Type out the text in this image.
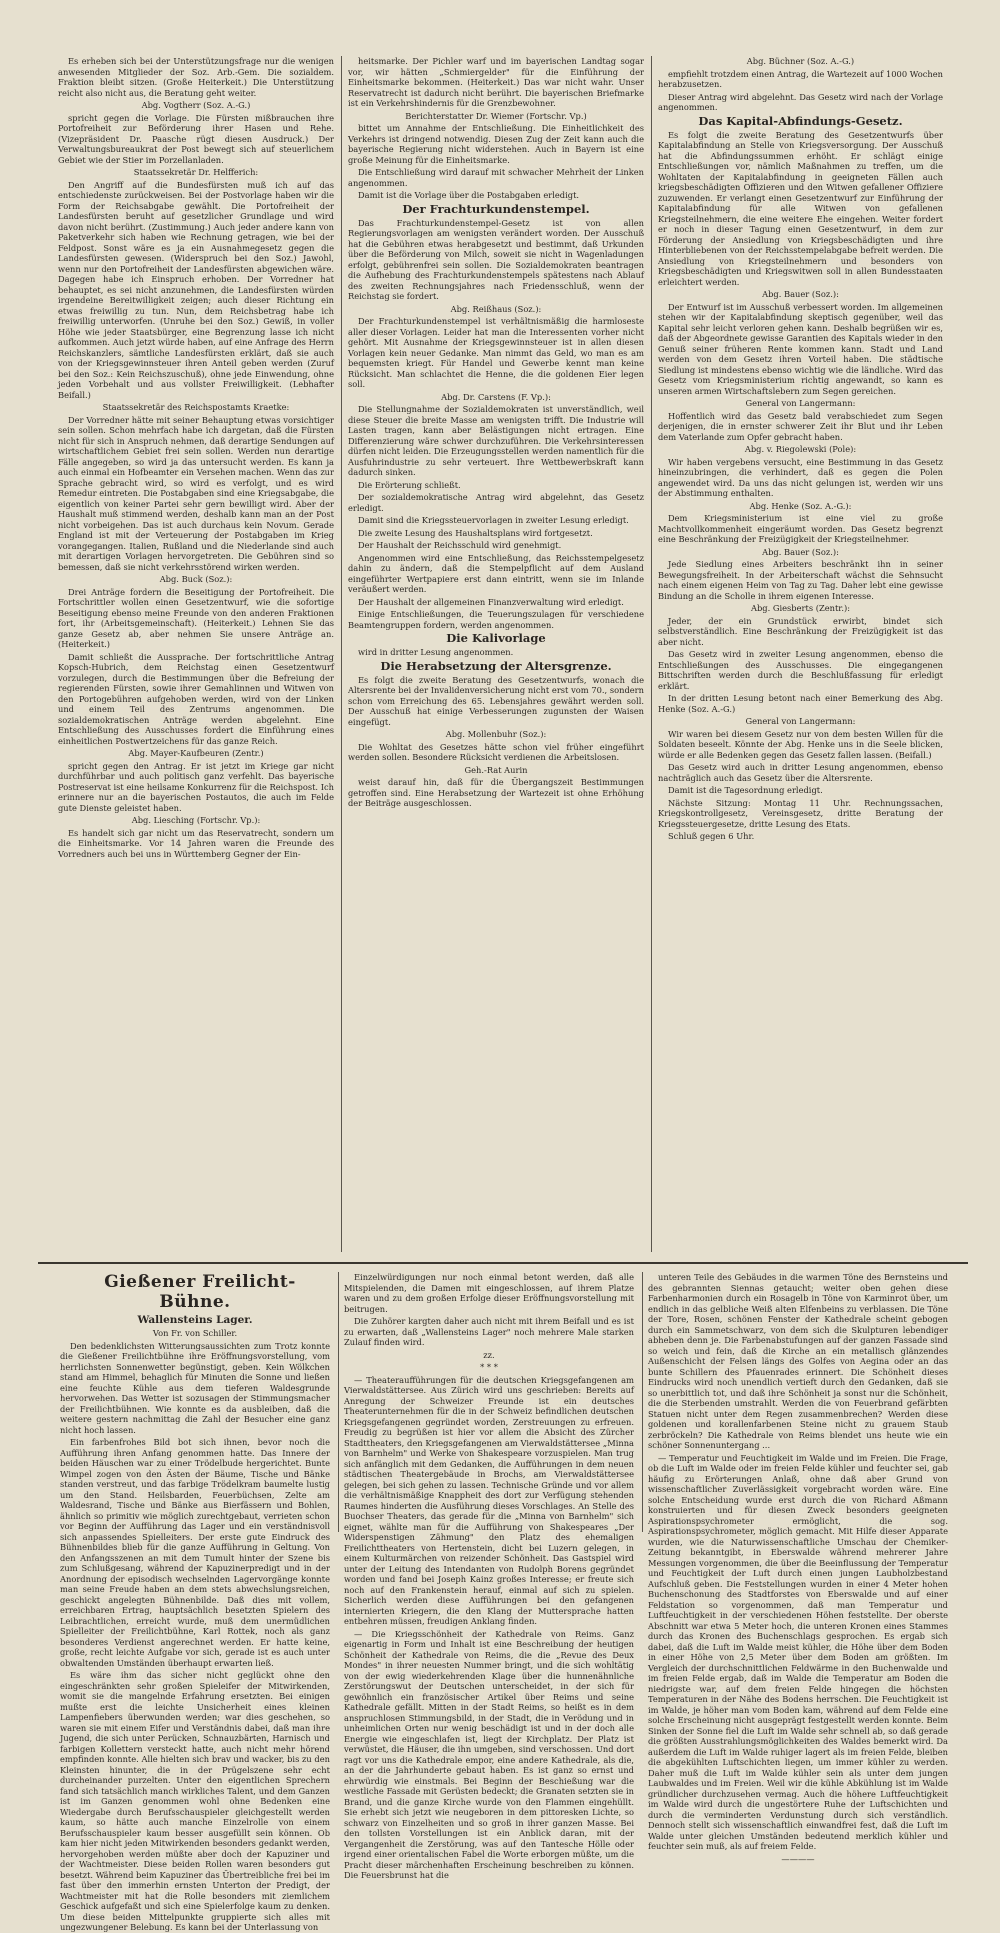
Es erheben sich bei der Unterstützungsfrage nur die wenigen anwesenden Mitglieder der Soz. Arb.-Gem. Die sozialdem. Fraktion bleibt sitzen. (Große Heiterkeit.) Die Unterstützung reicht also nicht aus, die Beratung geht weiter.

Abg. Vogtherr (Soz. A.-G.)

spricht gegen die Vorlage. Die Fürsten mißbrauchen ihre Portofreiheit zur Beförderung ihrer Hasen und Rehe. (Vizepräsident Dr. Paasche rügt diesen Ausdruck.) Der Verwaltungsbureaukrat der Post bewegt sich auf steuerlichem Gebiet wie der Stier im Porzellanladen.

Staatssekretär Dr. Helfferich:

Den Angriff auf die Bundesfürsten muß ich auf das entschiedenste zurückweisen. Bei der Postvorlage haben wir die Form der Reichsabgabe gewählt. Die Portofreiheit der Landesfürsten beruht auf gesetzlicher Grundlage und wird davon nicht berührt. (Zustimmung.) Auch jeder andere kann von Paketverkehr sich haben wie Rechnung getragen, wie bei der Feldpost. Sonst wäre es ja ein Ausnahmegesetz gegen die Landesfürsten gewesen. (Widerspruch bei den Soz.) Jawohl, wenn nur den Portofreiheit der Landesfürsten abgewichen wäre. Dagegen habe ich Einspruch erhoben. Der Vorredner hat behauptet, es sei nicht anzunehmen, die Landesfürsten würden irgendeine Bereitwilligkeit zeigen; auch dieser Richtung ein etwas freiwillig zu tun. Nun, dem Reichsbetrag habe ich freiwillig unterworfen. (Unruhe bei den Soz.) Gewiß, in voller Höhe wie jeder Staatsbürger, eine Begrenzung lasse ich nicht aufkommen. Auch jetzt würde haben, auf eine Anfrage des Herrn Reichskanzlers, sämtliche Landesfürsten erklärt, daß sie auch von der Kriegsgewinnsteuer ihren Anteil geben werden (Zuruf bei den Soz.: Kein Reichszuschuß), ohne jede Einwendung, ohne jeden Vorbehalt und aus vollster Freiwilligkeit. (Lebhafter Beifall.)

Staatssekretär des Reichspostamts Kraetke:

Der Vorredner hätte mit seiner Behauptung etwas vorsichtiger sein sollen. Schon mehrfach habe ich dargetan, daß die Fürsten nicht für sich in Anspruch nehmen, daß derartige Sendungen auf wirtschaftlichem Gebiet frei sein sollen. Werden nun derartige Fälle angegeben, so wird ja das untersucht werden. Es kann ja auch einmal ein Hofbeamter ein Versehen machen. Wenn das zur Sprache gebracht wird, so wird es verfolgt, und es wird Remedur eintreten. Die Postabgaben sind eine Kriegsabgabe, die eigentlich von keiner Partei sehr gern bewilligt wird. Aber der Haushalt muß stimmend werden, deshalb kann man an der Post nicht vorbeigehen. Das ist auch durchaus kein Novum. Gerade England ist mit der Verteuerung der Postabgaben im Krieg vorangegangen. Italien, Rußland und die Niederlande sind auch mit derartigen Vorlagen hervorgetreten. Die Gebühren sind so bemessen, daß sie nicht verkehrsstörend wirken werden.

Abg. Buck (Soz.):

Drei Anträge fordern die Beseitigung der Portofreiheit. Die Fortschrittler wollen einen Gesetzentwurf, wie die sofortige Beseitigung ebenso meine Freunde von den anderen Fraktionen fort, ihr (Arbeitsgemeinschaft). (Heiterkeit.) Lehnen Sie das ganze Gesetz ab, aber nehmen Sie unsere Anträge an. (Heiterkeit.)

Damit schließt die Aussprache. Der fortschrittliche Antrag Kopsch-Hubrich, dem Reichstag einen Gesetzentwurf vorzulegen, durch die Bestimmungen über die Befreiung der regierenden Fürsten, sowie ihrer Gemahlinnen und Witwen von den Portogebühren aufgehoben werden, wird von der Linken und einem Teil des Zentrums angenommen. Die sozialdemokratischen Anträge werden abgelehnt. Eine Entschließung des Ausschusses fordert die Einführung eines einheitlichen Postwertzeichens für das ganze Reich.

Abg. Mayer-Kaufbeuren (Zentr.)

spricht gegen den Antrag. Er ist jetzt im Kriege gar nicht durchführbar und auch politisch ganz verfehlt. Das bayerische Postreservat ist eine heilsame Konkurrenz für die Reichspost. Ich erinnere nur an die bayerischen Postautos, die auch im Felde gute Dienste geleistet haben.

Abg. Liesching (Fortschr. Vp.):

Es handelt sich gar nicht um das Reservatrecht, sondern um die Einheitsmarke. Vor 14 Jahren waren die Freunde des Vorredners auch bei uns in Württemberg Gegner der Ein-

heitsmarke. Der Pichler warf und im bayerischen Landtag sogar vor, wir hätten „Schmiergelder" für die Einführung der Einheitsmarke bekommen. (Heiterkeit.) Das war nicht wahr. Unser Reservatrecht ist dadurch nicht berührt. Die bayerischen Briefmarke ist ein Verkehrshindernis für die Grenzbewohner.

Berichterstatter Dr. Wiemer (Fortschr. Vp.)

bittet um Annahme der Entschließung. Die Einheitlichkeit des Verkehrs ist dringend notwendig. Diesen Zug der Zeit kann auch die bayerische Regierung nicht widerstehen. Auch in Bayern ist eine große Meinung für die Einheitsmarke.

Die Entschließung wird darauf mit schwacher Mehrheit der Linken angenommen.

Damit ist die Vorlage über die Postabgaben erledigt.

Der Frachturkundenstempel.

Das Frachturkundenstempel-Gesetz ist von allen Regierungsvorlagen am wenigsten verändert worden. Der Ausschuß hat die Gebühren etwas herabgesetzt und bestimmt, daß Urkunden über die Beförderung von Milch, soweit sie nicht in Wagenladungen erfolgt, gebührenfrei sein sollen. Die Sozialdemokraten beantragen die Aufhebung des Frachturkundenstempels spätestens nach Ablauf des zweiten Rechnungsjahres nach Friedensschluß, wenn der Reichstag sie fordert.

Abg. Reißhaus (Soz.):

Der Frachturkundenstempel ist verhältnismäßig die harmloseste aller dieser Vorlagen. Leider hat man die Interessenten vorher nicht gehört. Mit Ausnahme der Kriegsgewinnsteuer ist in allen diesen Vorlagen kein neuer Gedanke. Man nimmt das Geld, wo man es am bequemsten kriegt. Für Handel und Gewerbe kennt man keine Rücksicht. Man schlachtet die Henne, die die goldenen Eier legen soll.

Abg. Dr. Carstens (F. Vp.):

Die Stellungnahme der Sozialdemokraten ist unverständlich, weil diese Steuer die breite Masse am wenigsten trifft. Die Industrie will Lasten tragen, kann aber Belästigungen nicht ertragen. Eine Differenzierung wäre schwer durchzuführen. Die Verkehrsinteressen dürfen nicht leiden. Die Erzeugungsstellen werden namentlich für die Ausfuhrindustrie zu sehr verteuert. Ihre Wettbewerbskraft kann dadurch sinken.

Die Erörterung schließt.

Der sozialdemokratische Antrag wird abgelehnt, das Gesetz erledigt.

Damit sind die Kriegssteuervorlagen in zweiter Lesung erledigt.

Die zweite Lesung des Haushaltsplans wird fortgesetzt.

Der Haushalt der Reichsschuld wird genehmigt.

Angenommen wird eine Entschließung, das Reichsstempelgesetz dahin zu ändern, daß die Stempelpflicht auf dem Ausland eingeführter Wertpapiere erst dann eintritt, wenn sie im Inlande veräußert werden.

Der Haushalt der allgemeinen Finanzverwaltung wird erledigt.

Einige Entschließungen, die Teuerungszulagen für verschiedene Beamtengruppen fordern, werden angenommen.

Die Kalivorlage

wird in dritter Lesung angenommen.

Die Herabsetzung der Altersgrenze.

Es folgt die zweite Beratung des Gesetzentwurfs, wonach die Altersrente bei der Invalidenversicherung nicht erst vom 70., sondern schon vom Erreichung des 65. Lebensjahres gewährt werden soll. Der Ausschuß hat einige Verbesserungen zugunsten der Waisen eingefügt.

Abg. Mollenbuhr (Soz.):

Die Wohltat des Gesetzes hätte schon viel früher eingeführt werden sollen. Besondere Rücksicht verdienen die Arbeitslosen.

Geh.-Rat Aurin

weist darauf hin, daß für die Übergangszeit Bestimmungen getroffen sind. Eine Herabsetzung der Wartezeit ist ohne Erhöhung der Beiträge ausgeschlossen.

Abg. Büchner (Soz. A.-G.)

empfiehlt trotzdem einen Antrag, die Wartezeit auf 1000 Wochen herabzusetzen.

Dieser Antrag wird abgelehnt. Das Gesetz wird nach der Vorlage angenommen.

Das Kapital-Abfindungs-Gesetz.

Es folgt die zweite Beratung des Gesetzentwurfs über Kapitalabfindung an Stelle von Kriegsversorgung. Der Ausschuß hat die Abfindungssummen erhöht. Er schlägt einige Entschließungen vor, nämlich Maßnahmen zu treffen, um die Wohltaten der Kapitalabfindung in geeigneten Fällen auch kriegsbeschädigten Offizieren und den Witwen gefallener Offiziere zuzuwenden. Er verlangt einen Gesetzentwurf zur Einführung der Kapitalabfindung für alle Witwen von gefallenen Kriegsteilnehmern, die eine weitere Ehe eingehen. Weiter fordert er noch in dieser Tagung einen Gesetzentwurf, in dem zur Förderung der Ansiedlung von Kriegsbeschädigten und ihre Hinterbliebenen von der Reichsstempelabgabe befreit werden. Die Ansiedlung von Kriegsteilnehmern und besonders von Kriegsbeschädigten und Kriegswitwen soll in allen Bundesstaaten erleichtert werden.

Abg. Bauer (Soz.):

Der Entwurf ist im Ausschuß verbessert worden. Im allgemeinen stehen wir der Kapitalabfindung skeptisch gegenüber, weil das Kapital sehr leicht verloren gehen kann. Deshalb begrüßen wir es, daß der Abgeordnete gewisse Garantien des Kapitals wieder in den Genuß seiner früheren Rente kommen kann. Stadt und Land werden von dem Gesetz ihren Vorteil haben. Die städtische Siedlung ist mindestens ebenso wichtig wie die ländliche. Wird das Gesetz vom Kriegsministerium richtig angewandt, so kann es unseren armen Wirtschaftslebern zum Segen gereichen.

General von Langermann:

Hoffentlich wird das Gesetz bald verabschiedet zum Segen derjenigen, die in ernster schwerer Zeit ihr Blut und ihr Leben dem Vaterlande zum Opfer gebracht haben.

Abg. v. Riegolewski (Pole):

Wir haben vergebens versucht, eine Bestimmung in das Gesetz hineinzubringen, die verhindert, daß es gegen die Polen angewendet wird. Da uns das nicht gelungen ist, werden wir uns der Abstimmung enthalten.

Abg. Henke (Soz. A.-G.):

Dem Kriegsministerium ist eine viel zu große Machtvollkommenheit eingeräumt worden. Das Gesetz begrenzt eine Beschränkung der Freizügigkeit der Kriegsteilnehmer.

Abg. Bauer (Soz.):

Jede Siedlung eines Arbeiters beschränkt ihn in seiner Bewegungsfreiheit. In der Arbeiterschaft wächst die Sehnsucht nach einem eigenen Heim von Tag zu Tag. Daher lebt eine gewisse Bindung an die Scholle in ihrem eigenen Interesse.

Abg. Giesberts (Zentr.):

Jeder, der ein Grundstück erwirbt, bindet sich selbstverständlich. Eine Beschränkung der Freizügigkeit ist das aber nicht.

Das Gesetz wird in zweiter Lesung angenommen, ebenso die Entschließungen des Ausschusses. Die eingegangenen Bittschriften werden durch die Beschlußfassung für erledigt erklärt.

In der dritten Lesung betont nach einer Bemerkung des Abg. Henke (Soz. A.-G.)

General von Langermann:

Wir waren bei diesem Gesetz nur von dem besten Willen für die Soldaten beseelt. Könnte der Abg. Henke uns in die Seele blicken, würde er alle Bedenken gegen das Gesetz fallen lassen. (Beifall.)

Das Gesetz wird auch in dritter Lesung angenommen, ebenso nachträglich auch das Gesetz über die Altersrente.

Damit ist die Tagesordnung erledigt.

Nächste Sitzung: Montag 11 Uhr. Rechnungssachen, Kriegskontrollgesetz, Vereinsgesetz, dritte Beratung der Kriegssteuergesetze, dritte Lesung des Etats.

Schluß gegen 6 Uhr.

Gießener Freilicht-Bühne.

Wallensteins Lager.

Von Fr. von Schiller.

Den bedenklichsten Witterungsaussichten zum Trotz konnte die Gießener Freilichtbühne ihre Eröffnungsvorstellung, vom herrlichsten Sonnenwetter begünstigt, geben. Kein Wölkchen stand am Himmel, behaglich für Minuten die Sonne und ließen eine feuchte Kühle aus dem tieferen Waldesgrunde hervorwehen. Das Wetter ist sozusagen der Stimmungsmacher der Freilichtbühnen. Wie konnte es da ausbleiben, daß die weitere gestern nachmittag die Zahl der Besucher eine ganz nicht hoch lassen.

Ein farbenfrohes Bild bot sich ihnen, bevor noch die Aufführung ihren Anfang genommen hatte. Das Innere der beiden Häuschen war zu einer Trödelbude hergerichtet. Bunte Wimpel zogen von den Ästen der Bäume, Tische und Bänke standen verstreut, und das farbige Trödelkram baumelte lustig um den Stand. Heilsbarden, Feuerbüchsen, Zelte am Waldesrand, Tische und Bänke aus Bierfässern und Bohlen, ähnlich so primitiv wie möglich zurechtgebaut, verrieten schon vor Beginn der Aufführung das Lager und ein verständnisvoll sich anpassendes Spielleiters. Der erste gute Eindruck des Bühnenbildes blieb für die ganze Aufführung in Geltung. Von den Anfangsszenen an mit dem Tumult hinter der Szene bis zum Schlußgesang, während der Kapuzinerpredigt und in der Anordnung der episodisch wechselnden Lagervorgänge konnte man seine Freude haben an dem stets abwechslungsreichen, geschickt angelegten Bühnenbilde. Daß dies mit vollem, erreichbaren Ertrag, hauptsächlich besetzten Spielern des Leibrachtlichen, erreicht wurde, muß dem unermüdlichen Spielleiter der Freilichtbühne, Karl Rottek, noch als ganz besonderes Verdienst angerechnet werden. Er hatte keine, große, recht leichte Aufgabe vor sich, gerade ist es auch unter obwaltenden Umständen überhaupt erwarten ließ.

Es wäre ihm das sicher nicht geglückt ohne den eingeschränkten sehr großen Spieleifer der Mitwirkenden, womit sie die mangelnde Erfahrung ersetzten. Bei einigen mußte erst die leichte Unsicherheit eines kleinen Lampenfiebers überwunden werden; war dies geschehen, so waren sie mit einem Eifer und Verständnis dabei, daß man ihre Jugend, die sich unter Perücken, Schnauzbärten, Harnisch und farbigen Kollettern versteckt hatte, auch nicht mehr hörend empfinden konnte. Alle hielten sich brav und wacker, bis zu den Kleinsten hinunter, die in der Prügelszene sehr echt durcheinander purzelten. Unter den eigentlichen Sprechern fand sich tatsächlich manch wirkliches Talent, und dem Ganzen ist im Ganzen genommen wohl ohne Bedenken eine Wiedergabe durch Berufsschauspieler gleichgestellt werden kaum, so hätte auch manche Einzelrolle von einem Berufsschauspieler kaum besser ausgefüllt sein können. Ob kam hier nicht jeden Mitwirkenden besonders gedankt werden, hervorgehoben werden müßte aber doch der Kapuziner und der Wachtmeister. Diese beiden Rollen waren besonders gut besetzt. Während beim Kapuziner das Übertreibliche frei bei im fast über den immerhin ernsten Unterton der Predigt, der Wachtmeister mit hat die Rolle besonders mit ziemlichem Geschick aufgefaßt und sich eine Spielerfolge kaum zu denken. Um diese beiden Mittelpunkte gruppierte sich alles mit ungezwungener Belebung. Es kann bei der Unterlassung von

Einzelwürdigungen nur noch einmal betont werden, daß alle Mitspielenden, die Damen mit eingeschlossen, auf ihrem Platze waren und zu dem großen Erfolge dieser Eröffnungsvorstellung mit beitrugen.

Die Zuhörer kargten daher auch nicht mit ihrem Beifall und es ist zu erwarten, daß „Wallensteins Lager" noch mehrere Male starken Zulauf finden wird.

zz.

* * *

— Theateraufführungen für die deutschen Kriegsgefangenen am Vierwaldstättersee. Aus Zürich wird uns geschrieben: Bereits auf Anregung der Schweizer Freunde ist ein deutsches Theaterunternehmen für die in der Schweiz befindlichen deutschen Kriegsgefangenen gegründet worden, Zerstreuungen zu erfreuen. Freudig zu begrüßen ist hier vor allem die Absicht des Zürcher Stadttheaters, den Kriegsgefangenen am Vierwaldstättersee „Minna von Barnhelm" und Werke von Shakespeare vorzuspielen. Man trug sich anfänglich mit dem Gedanken, die Aufführungen in dem neuen städtischen Theatergebäude in Brochs, am Vierwaldstättersee gelegen, bei sich gehen zu lassen. Technische Gründe und vor allem die verhältnismäßige Knappheit des dort zur Verfügung stehenden Raumes hinderten die Ausführung dieses Vorschlages. An Stelle des Buochser Theaters, das gerade für die „Minna von Barnhelm" sich eignet, wählte man für die Aufführung von Shakespeares „Der Widerspenstigen Zähmung" den Platz des ehemaligen Freilichttheaters von Hertenstein, dicht bei Luzern gelegen, in einem Kulturmärchen von reizender Schönheit. Das Gastspiel wird unter der Leitung des Intendanten von Rudolph Borens gegründet worden und fand bei Joseph Kainz großes Interesse; er freute sich noch auf den Frankenstein herauf, einmal auf sich zu spielen. Sicherlich werden diese Aufführungen bei den gefangenen internierten Kriegern, die den Klang der Muttersprache hatten entbehren müssen, freudigen Anklang finden.

— Die Kriegsschönheit der Kathedrale von Reims. Ganz eigenartig in Form und Inhalt ist eine Beschreibung der heutigen Schönheit der Kathedrale von Reims, die die „Revue des Deux Mondes" in ihrer neuesten Nummer bringt, und die sich wohltätig von der ewig wiederkehrenden Klage über die hunnenähnliche Zerstörungswut der Deutschen unterscheidet, in der sich für gewöhnlich ein französischer Artikel über Reims und seine Kathedrale gefällt. Mitten in der Stadt Reims, so heißt es in dem anspruchlosen Stimmungsbild, in der Stadt, die in Verödung und in unheimlichen Orten nur wenig beschädigt ist und in der doch alle Energie wie eingeschlafen ist, liegt der Kirchplatz. Der Platz ist verwüstet, die Häuser, die ihn umgeben, sind verschossen. Und dort ragt vor uns die Kathedrale empor, eine andere Kathedrale, als die, an der die Jahrhunderte gebaut haben. Es ist ganz so ernst und ehrwürdig wie einstmals. Bei Beginn der Beschießung war die westliche Fassade mit Gerüsten bedeckt; die Granaten setzten sie in Brand, und die ganze Kirche wurde von den Flammen eingehüllt. Sie erhebt sich jetzt wie neugeboren in dem pittoresken Lichte, so schwarz von Einzelheiten und so groß in ihrer ganzen Masse. Bei den tollsten Vorstellungen ist ein Anblick daran, mit der Vergangenheit die Zerstörung, was auf den Tantesche Hölle oder irgend einer orientalischen Fabel die Worte erborgen müßte, um die Pracht dieser märchenhaften Erscheinung beschreiben zu können. Die Feuersbrunst hat die

unteren Teile des Gebäudes in die warmen Töne des Bernsteins und des gebrannten Siennas getaucht; weiter oben gehen diese Farbenharmonien durch ein Rosagelb in Töne von Karminrot über, um endlich in das gelbliche Weiß alten Elfenbeins zu verblassen. Die Töne der Tore, Rosen, schönen Fenster der Kathedrale scheint gebogen durch ein Sammetschwarz, von dem sich die Skulpturen lebendiger abheben denn je. Die Farbenabstufungen auf der ganzen Fassade sind so weich und fein, daß die Kirche an ein metallisch glänzendes Außenschicht der Felsen längs des Golfes von Aegina oder an das bunte Schillern des Pfauenrades erinnert. Die Schönheit dieses Eindrucks wird noch unendlich vertieft durch den Gedanken, daß sie so unerbittlich tot, und daß ihre Schönheit ja sonst nur die Schönheit, die die Sterbenden umstrahlt. Werden die von Feuerbrand gefärbten Statuen nicht unter dem Regen zusammenbrechen? Werden diese goldenen und korallenfarbenen Steine nicht zu grauem Staub zerbröckeln? Die Kathedrale von Reims blendet uns heute wie ein schöner Sonnenuntergang ...

— Temperatur und Feuchtigkeit im Walde und im Freien. Die Frage, ob die Luft im Walde oder im freien Felde kühler und feuchter sei, gab häufig zu Erörterungen Anlaß, ohne daß aber Grund von wissenschaftlicher Zuverlässigkeit vorgebracht worden wäre. Eine solche Entscheidung wurde erst durch die von Richard Aßmann konstruierten und für diesen Zweck besonders geeigneten Aspirationspsychrometer ermöglicht, die sog. Aspirationspsychrometer, möglich gemacht. Mit Hilfe dieser Apparate wurden, wie die Naturwissenschaftliche Umschau der Chemiker-Zeitung bekanntgibt, in Eberswalde während mehrerer Jahre Messungen vorgenommen, die über die Beeinflussung der Temperatur und Feuchtigkeit der Luft durch einen jungen Laubholzbestand Aufschluß geben. Die Feststellungen wurden in einer 4 Meter hohen Buchenschonung des Stadtforstes von Eberswalde und auf einer Feldstation so vorgenommen, daß man Temperatur und Luftfeuchtigkeit in der verschiedenen Höhen feststellte. Der oberste Abschnitt war etwa 5 Meter hoch, die unteren Kronen eines Stammes durch das Kronen des Buchenschlags gesprochen. Es ergab sich dabei, daß die Luft im Walde meist kühler, die Höhe über dem Boden in einer Höhe von 2,5 Meter über dem Boden am größten. Im Vergleich der durchschnittlichen Feldwärme in den Buchenwalde und im freien Felde ergab, daß im Walde die Temperatur am Boden die niedrigste war, auf dem freien Felde hingegen die höchsten Temperaturen in der Nähe des Bodens herrschen. Die Feuchtigkeit ist im Walde, je höher man vom Boden kam, während auf dem Felde eine solche Erscheinung nicht ausgeprägt festgestellt werden konnte. Beim Sinken der Sonne fiel die Luft im Walde sehr schnell ab, so daß gerade die größten Ausstrahlungsmöglichkeiten des Waldes bemerkt wird. Da außerdem die Luft im Walde ruhiger lagert als im freien Felde, bleiben die abgekühlten Luftschichten liegen, um immer kühler zu werden. Daher muß die Luft im Walde kühler sein als unter dem jungen Laubwaldes und im Freien. Weil wir die kühle Abkühlung ist im Walde gründlicher durchzusehen vermag. Auch die höhere Luftfeuchtigkeit im Walde wird durch die ungestörtere Ruhe der Luftschichten und durch die verminderten Verdunstung durch sich verständlich. Dennoch stellt sich wissenschaftlich einwandfrei fest, daß die Luft im Walde unter gleichen Umständen bedeutend merklich kühler und feuchter sein muß, als auf freiem Felde.

————
